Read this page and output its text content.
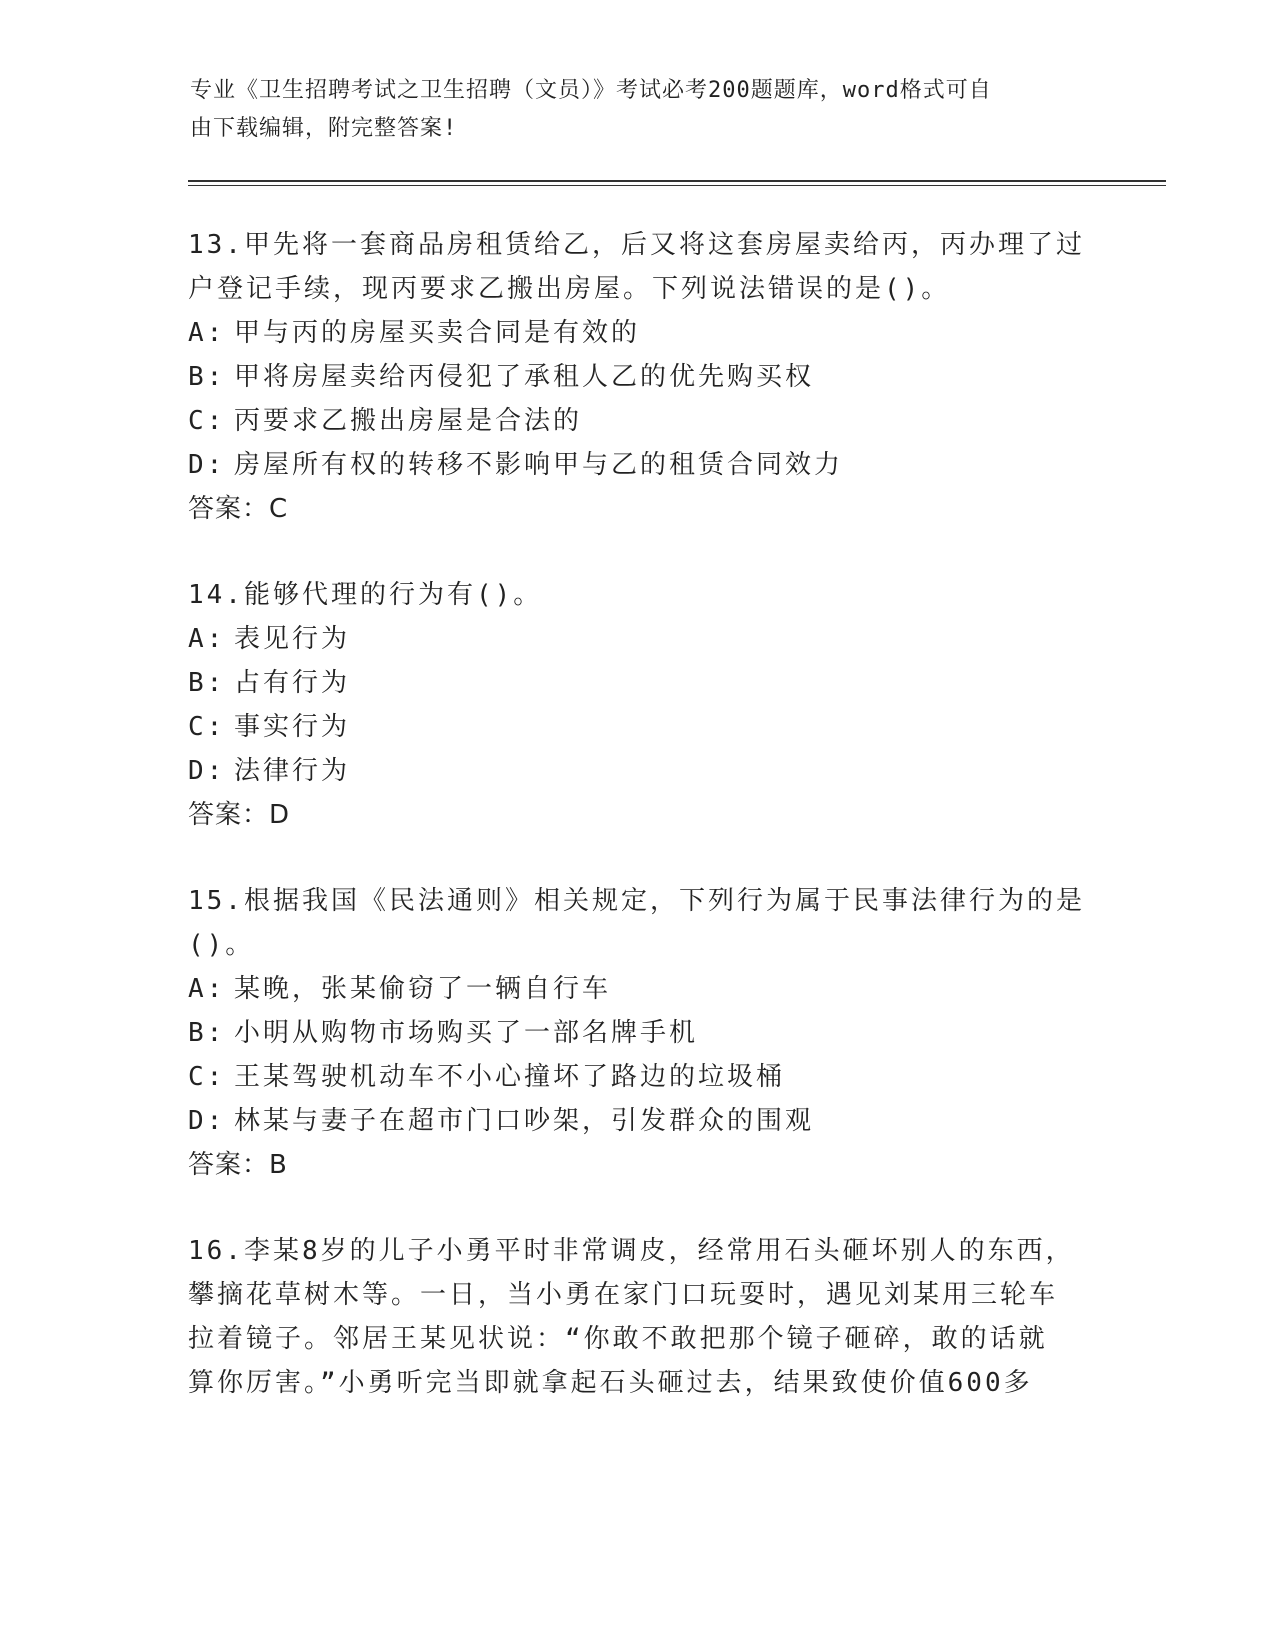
专业《卫生招聘考试之卫生招聘（文员）》考试必考200题题库，word格式可自
由下载编辑，附完整答案!
13.甲先将一套商品房租赁给乙，后又将这套房屋卖给丙，丙办理了过
户登记手续，现丙要求乙搬出房屋。下列说法错误的是()。
A: 甲与丙的房屋买卖合同是有效的
B: 甲将房屋卖给丙侵犯了承租人乙的优先购买权
C: 丙要求乙搬出房屋是合法的
D: 房屋所有权的转移不影响甲与乙的租赁合同效力
答案：C
14.能够代理的行为有()。
A: 表见行为
B: 占有行为
C: 事实行为
D: 法律行为
答案：D
15.根据我国《民法通则》相关规定，下列行为属于民事法律行为的是
()。
A: 某晚，张某偷窃了一辆自行车
B: 小明从购物市场购买了一部名牌手机
C: 王某驾驶机动车不小心撞坏了路边的垃圾桶
D: 林某与妻子在超市门口吵架，引发群众的围观
答案：B
16.李某8岁的儿子小勇平时非常调皮，经常用石头砸坏别人的东西，
攀摘花草树木等。一日，当小勇在家门口玩耍时，遇见刘某用三轮车
拉着镜子。邻居王某见状说：“你敢不敢把那个镜子砸碎，敢的话就
算你厉害。”小勇听完当即就拿起石头砸过去，结果致使价值600多
